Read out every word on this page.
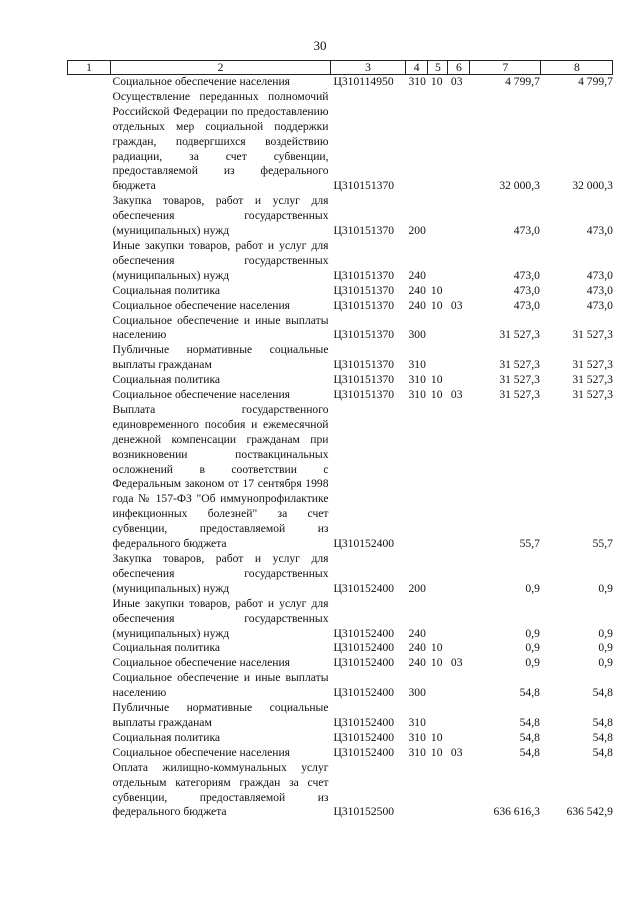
30
1	2	3	4	5	6	7	8
	Социальное обеспечение населения	Ц310114950	310	10	03	4 799,7	4 799,7
	Осуществление переданных полномочий Российской Федерации по предоставлению отдельных мер социальной поддержки граждан, подвергшихся воздействию радиации, за счет субвенции, предоставляемой из федерального бюджета	Ц310151370				32 000,3	32 000,3
	Закупка товаров, работ и услуг для обеспечения государственных (муниципальных) нужд	Ц310151370	200			473,0	473,0
	Иные закупки товаров, работ и услуг для обеспечения государственных (муниципальных) нужд	Ц310151370	240			473,0	473,0
	Социальная политика	Ц310151370	240	10		473,0	473,0
	Социальное обеспечение населения	Ц310151370	240	10	03	473,0	473,0
	Социальное обеспечение и иные выплаты населению	Ц310151370	300			31 527,3	31 527,3
	Публичные нормативные социальные выплаты гражданам	Ц310151370	310			31 527,3	31 527,3
	Социальная политика	Ц310151370	310	10		31 527,3	31 527,3
	Социальное обеспечение населения	Ц310151370	310	10	03	31 527,3	31 527,3
	Выплата государственного единовременного пособия и ежемесячной денежной компенсации гражданам при возникновении поствакцинальных осложнений в соответствии с Федеральным законом от 17 сентября 1998 года № 157-ФЗ "Об иммунопрофилактике инфекционных болезней" за счет субвенции, предоставляемой из федерального бюджета	Ц310152400				55,7	55,7
	Закупка товаров, работ и услуг для обеспечения государственных (муниципальных) нужд	Ц310152400	200			0,9	0,9
	Иные закупки товаров, работ и услуг для обеспечения государственных (муниципальных) нужд	Ц310152400	240			0,9	0,9
	Социальная политика	Ц310152400	240	10		0,9	0,9
	Социальное обеспечение населения	Ц310152400	240	10	03	0,9	0,9
	Социальное обеспечение и иные выплаты населению	Ц310152400	300			54,8	54,8
	Публичные нормативные социальные выплаты гражданам	Ц310152400	310			54,8	54,8
	Социальная политика	Ц310152400	310	10		54,8	54,8
	Социальное обеспечение населения	Ц310152400	310	10	03	54,8	54,8
	Оплата жилищно-коммунальных услуг отдельным категориям граждан за счет субвенции, предоставляемой из федерального бюджета	Ц310152500				636 616,3	636 542,9
